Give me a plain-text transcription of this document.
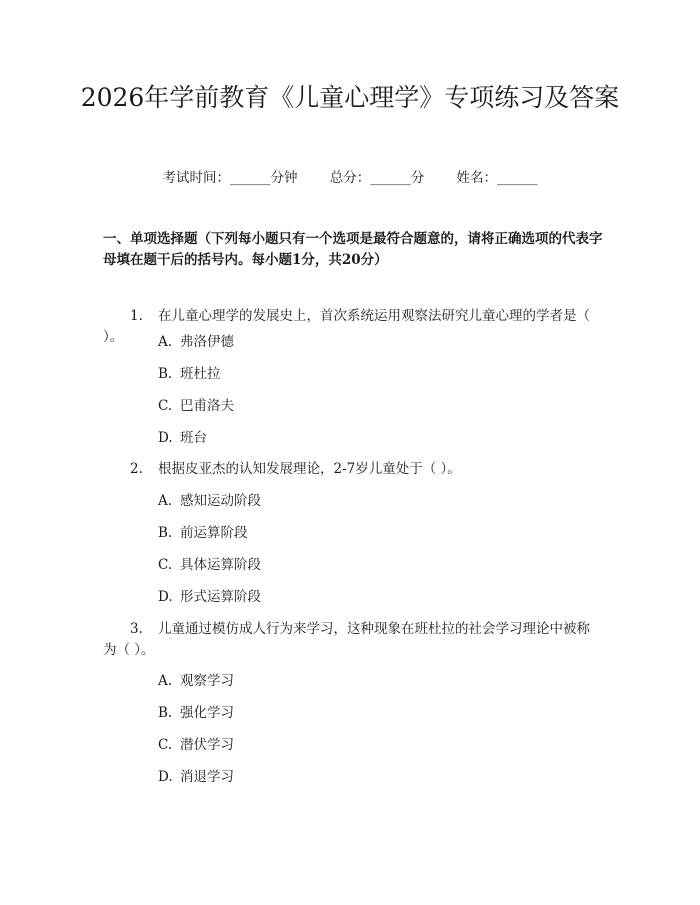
2026年学前教育《儿童心理学》专项练习及答案
考试时间：______分钟 总分：______分 姓名：______

一、单项选择题（下列每小题只有一个选项是最符合题意的，请将正确选项的代表字母填在题干后的括号内。每小题1分，共20分）

1. 在儿童心理学的发展史上，首次系统运用观察法研究儿童心理的学者是（ ）。	A. 弗洛伊德
B. 班杜拉
C. 巴甫洛夫
D. 班台

2. 根据皮亚杰的认知发展理论，2-7岁儿童处于（ ）。

A. 感知运动阶段
B. 前运算阶段
C. 具体运算阶段
D. 形式运算阶段

3. 儿童通过模仿成人行为来学习，这种现象在班杜拉的社会学习理论中被称为（ ）。

A. 观察学习
B. 强化学习
C. 潜伏学习
D. 消退学习
